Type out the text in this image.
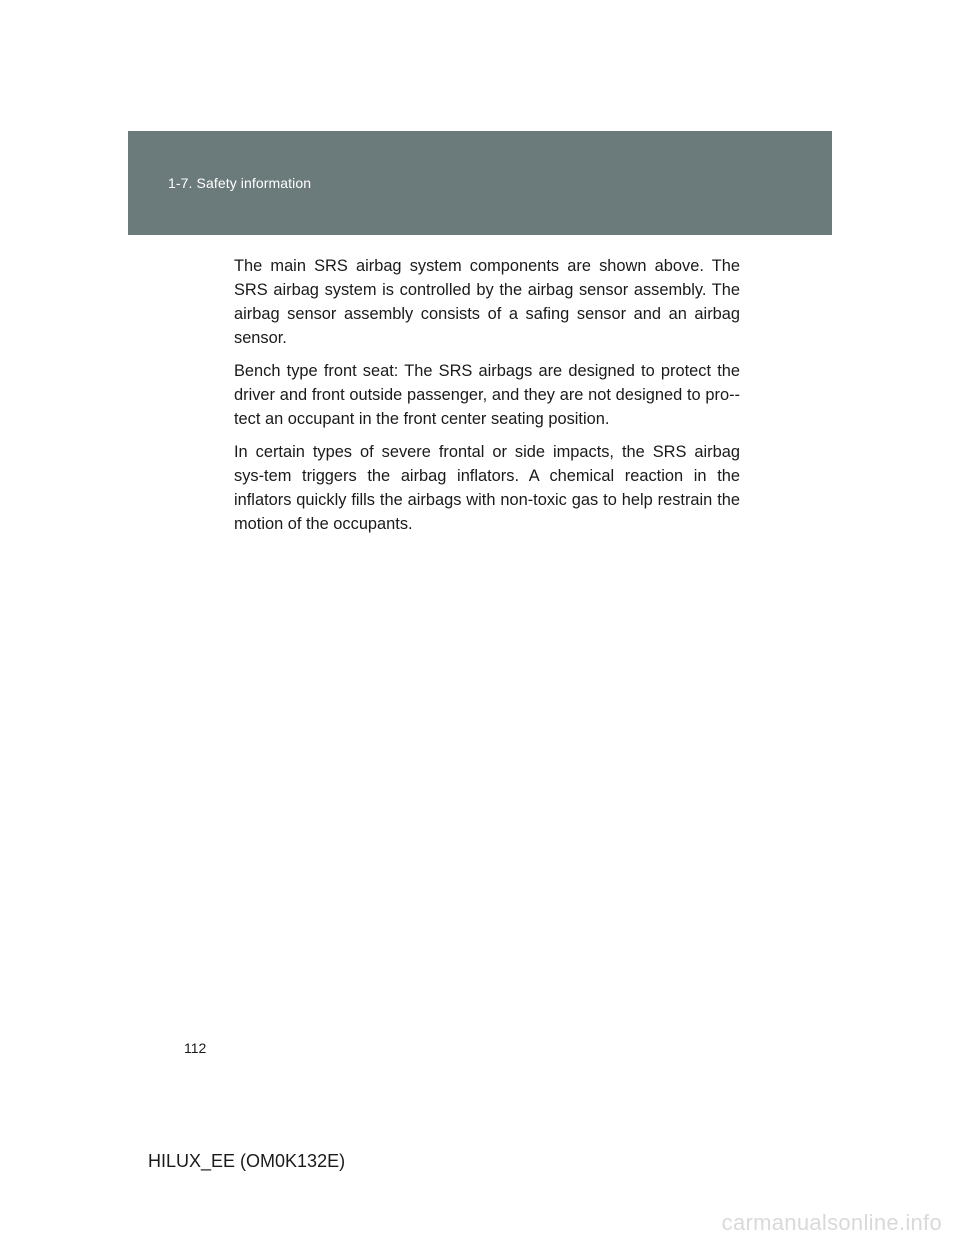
1-7. Safety information

The main SRS airbag system components are shown above. The SRS airbag system is controlled by the airbag sensor assembly. The airbag sensor assembly consists of a safing sensor and an airbag sensor.

Bench type front seat: The SRS airbags are designed to protect the driver and front outside passenger, and they are not designed to pro-tect an occupant in the front center seating position.

In certain types of severe frontal or side impacts, the SRS airbag sys-tem triggers the airbag inflators. A chemical reaction in the inflators quickly fills the airbags with non-toxic gas to help restrain the motion of the occupants.

112
HILUX_EE (OM0K132E)
carmanualsonline.info
